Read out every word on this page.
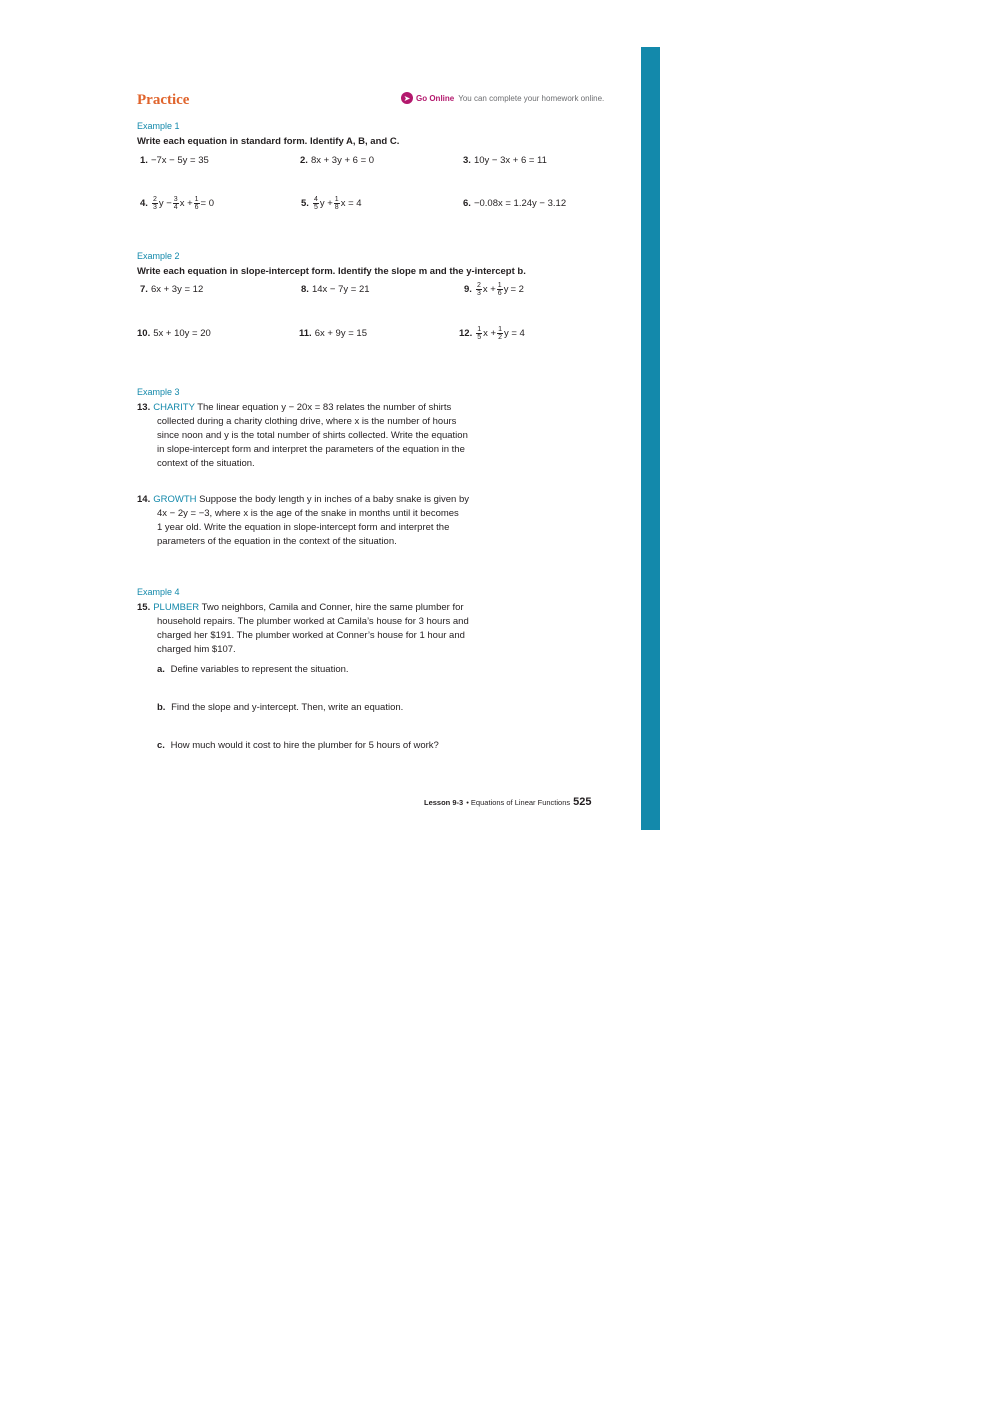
Practice	➤ Go Online You can complete your homework online.
Example 1
Write each equation in standard form. Identify A, B, and C.
1. −7x − 5y = 35	2. 8x + 3y + 6 = 0	3. 10y − 3x + 6 = 11
4. $\frac{2}{3}$ $y - \frac{3}{4}$ $x + \frac{1}{6} = 0$	5. $\frac{4}{5}$ $y + \frac{1}{8}$ x = 4	6. −0.08x = 1.24y − 3.12
Example 2
Write each equation in slope-intercept form. Identify the slope m and the y-intercept b.
7. 6x + 3y = 12	8. 14x − 7y = 21	9. $\frac{2}{3}$ $x + \frac{1}{6}$ y = 2
10. 5x + 10y = 20	11. 6x + 9y = 15	12. $\frac{1}{5}$ $x + \frac{1}{2}$ y = 4
Example 3

13. CHARITY The linear equation y − 20x = 83 relates the number of shirts

collected during a charity clothing drive, where x is the number of hours

since noon and y is the total number of shirts collected. Write the equation

in slope-intercept form and interpret the parameters of the equation in the

context of the situation.

14. GROWTH Suppose the body length y in inches of a baby snake is given by

4x − 2y = −3, where x is the age of the snake in months until it becomes

1 year old. Write the equation in slope-intercept form and interpret the

parameters of the equation in the context of the situation.

Example 4

15. PLUMBER Two neighbors, Camila and Conner, hire the same plumber for

household repairs. The plumber worked at Camila’s house for 3 hours and

charged her $191. The plumber worked at Conner’s house for 1 hour and

charged him $107.

a. Define variables to represent the situation.
b. Find the slope and y-intercept. Then, write an equation.
c. How much would it cost to hire the plumber for 5 hours of work?
Lesson 9-3 •
Equations of Linear Functions 525
